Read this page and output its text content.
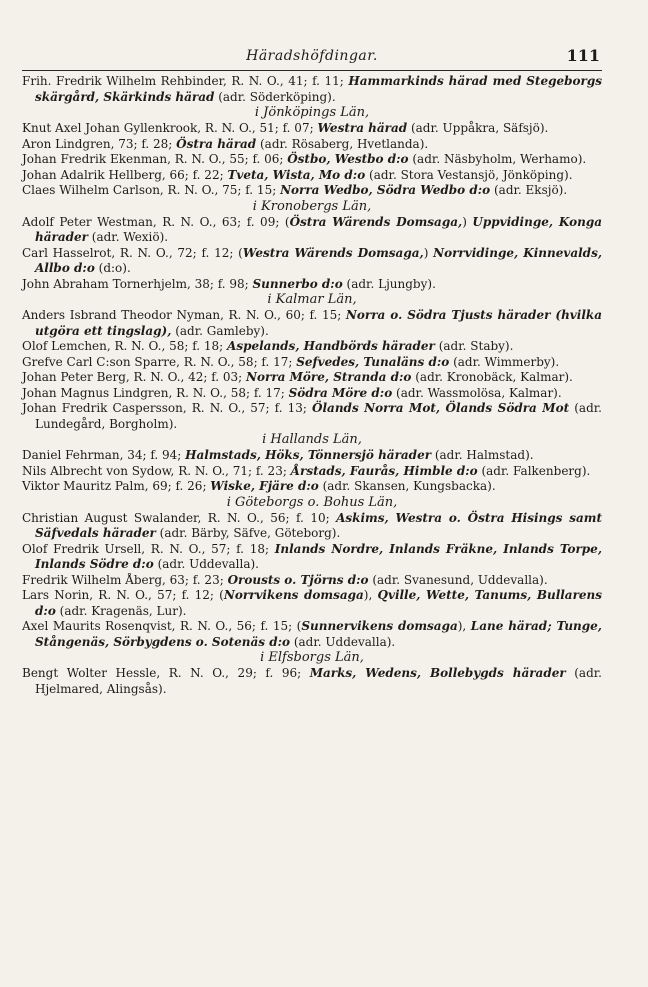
Häradshöfdingar.	111
Frih. Fredrik Wilhelm Rehbinder, R. N. O., 41; f. 11; Hammarkinds härad med Stegeborgs skärgård, Skärkinds härad (adr. Söderköping).
i Jönköpings Län,
Knut Axel Johan Gyllenkrook, R. N. O., 51; f. 07; Westra härad (adr. Uppåkra, Säfsjö).
Aron Lindgren, 73; f. 28; Östra härad (adr. Rösaberg, Hvetlanda).
Johan Fredrik Ekenman, R. N. O., 55; f. 06; Östbo, Westbo d:o (adr. Näsbyholm, Werhamo).
Johan Adalrik Hellberg, 66; f. 22; Tveta, Wista, Mo d:o (adr. Stora Vestansjö, Jönköping).
Claes Wilhelm Carlson, R. N. O., 75; f. 15; Norra Wedbo, Södra Wedbo d:o (adr. Eksjö).
i Kronobergs Län,
Adolf Peter Westman, R. N. O., 63; f. 09; (Östra Wärends Domsaga,) Uppvidinge, Konga härader (adr. Wexiö).
Carl Hasselrot, R. N. O., 72; f. 12; (Westra Wärends Domsaga,) Norrvidinge, Kinnevalds, Allbo d:o (d:o).
John Abraham Tornerhjelm, 38; f. 98; Sunnerbo d:o (adr. Ljungby).
i Kalmar Län,
Anders Isbrand Theodor Nyman, R. N. O., 60; f. 15; Norra o. Södra Tjusts härader (hvilka utgöra ett tingslag), (adr. Gamleby).
Olof Lemchen, R. N. O., 58; f. 18; Aspelands, Handbörds härader (adr. Staby).
Grefve Carl C:son Sparre, R. N. O., 58; f. 17; Sefvedes, Tunaläns d:o (adr. Wimmerby).
Johan Peter Berg, R. N. O., 42; f. 03; Norra Möre, Stranda d:o (adr. Kronobäck, Kalmar).
Johan Magnus Lindgren, R. N. O., 58; f. 17; Södra Möre d:o (adr. Wassmolösa, Kalmar).
Johan Fredrik Caspersson, R. N. O., 57; f. 13; Ölands Norra Mot, Ölands Södra Mot (adr. Lundegård, Borgholm).
i Hallands Län,
Daniel Fehrman, 34; f. 94; Halmstads, Höks, Tönnersjö härader (adr. Halmstad).
Nils Albrecht von Sydow, R. N. O., 71; f. 23; Årstads, Faurås, Himble d:o (adr. Falkenberg).
Viktor Mauritz Palm, 69; f. 26; Wiske, Fjäre d:o (adr. Skansen, Kungsbacka).
i Göteborgs o. Bohus Län,
Christian August Swalander, R. N. O., 56; f. 10; Askims, Westra o. Östra Hisings samt Säfvedals härader (adr. Bärby, Säfve, Göteborg).
Olof Fredrik Ursell, R. N. O., 57; f. 18; Inlands Nordre, Inlands Fräkne, Inlands Torpe, Inlands Södre d:o (adr. Uddevalla).
Fredrik Wilhelm Åberg, 63; f. 23; Orousts o. Tjörns d:o (adr. Svanesund, Uddevalla).
Lars Norin, R. N. O., 57; f. 12; (Norrvikens domsaga), Qville, Wette, Tanums, Bullarens d:o (adr. Kragenäs, Lur).
Axel Maurits Rosenqvist, R. N. O., 56; f. 15; (Sunnervikens domsaga), Lane härad; Tunge, Stångenäs, Sörbygdens o. Sotenäs d:o (adr. Uddevalla).
i Elfsborgs Län,
Bengt Wolter Hessle, R. N. O., 29; f. 96; Marks, Wedens, Bollebygds härader (adr. Hjelmared, Alingsås).
